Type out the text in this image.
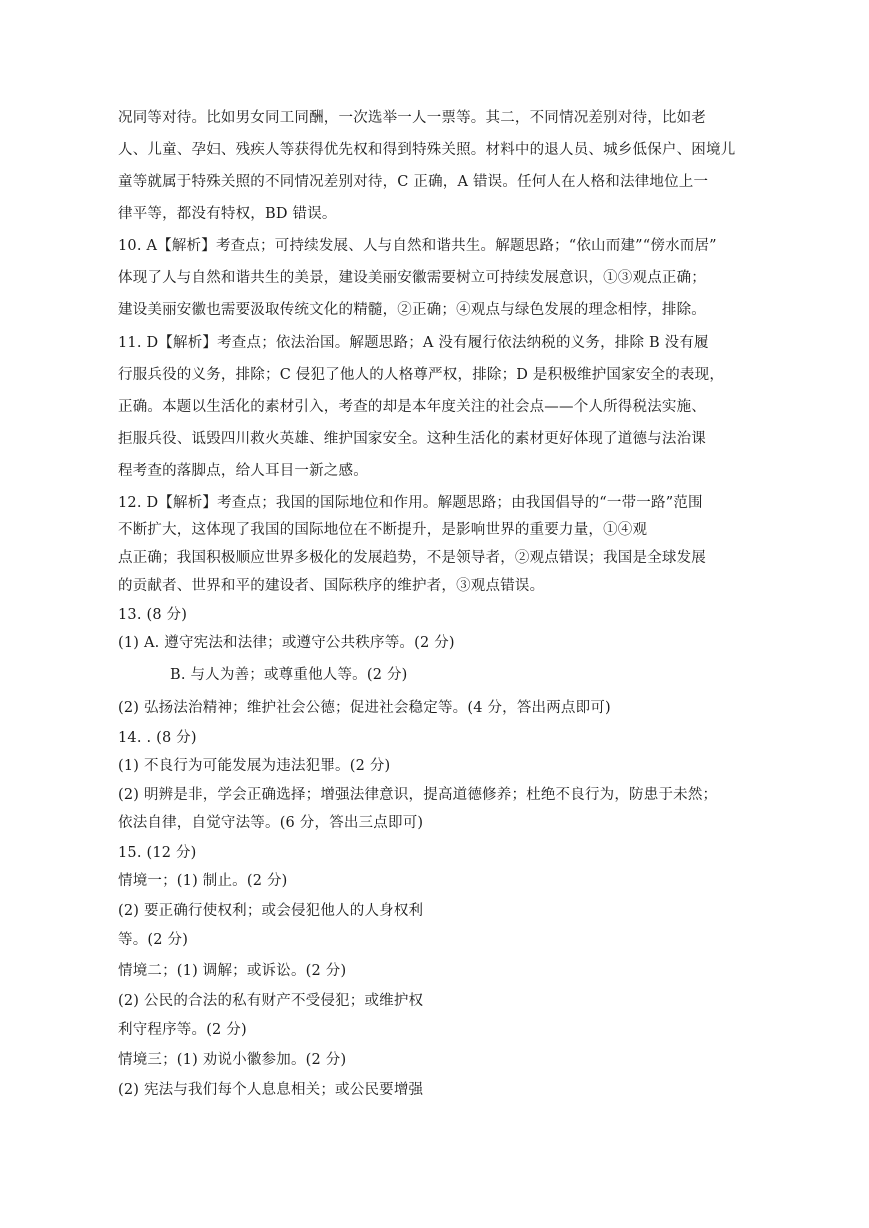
况同等对待。比如男女同工同酬，一次选举一人一票等。其二，不同情况差别对待，比如老
人、儿童、孕妇、残疾人等获得优先权和得到特殊关照。材料中的退人员、城乡低保户、困境儿
童等就属于特殊关照的不同情况差别对待，C 正确，A 错误。任何人在人格和法律地位上一
律平等，都没有特权，BD 错误。
10. A【解析】考查点；可持续发展、人与自然和谐共生。解题思路；“依山而建”“傍水而居”
体现了人与自然和谐共生的美景，建设美丽安徽需要树立可持续发展意识，①③观点正确；
建设美丽安徽也需要汲取传统文化的精髓，②正确；④观点与绿色发展的理念相悖，排除。
11. D【解析】考查点；依法治国。解题思路；A 没有履行依法纳税的义务，排除 B 没有履
行服兵役的义务，排除；C 侵犯了他人的人格尊严权，排除；D 是积极维护国家安全的表现，
正确。本题以生活化的素材引入，考查的却是本年度关注的社会点——个人所得税法实施、
拒服兵役、诋毁四川救火英雄、维护国家安全。这种生活化的素材更好体现了道德与法治课
程考查的落脚点，给人耳目一新之感。
12. D【解析】考查点；我国的国际地位和作用。解题思路；由我国倡导的“一带一路”范围
不断扩大，这体现了我国的国际地位在不断提升，是影响世界的重要力量，①④观
点正确；我国积极顺应世界多极化的发展趋势，不是领导者，②观点错误；我国是全球发展
的贡献者、世界和平的建设者、国际秩序的维护者，③观点错误。
13. (8 分)
(1) A. 遵守宪法和法律；或遵守公共秩序等。(2 分)
B. 与人为善；或尊重他人等。(2 分)
(2) 弘扬法治精神；维护社会公德；促进社会稳定等。(4 分，答出两点即可)
14. . (8 分)
(1) 不良行为可能发展为违法犯罪。(2 分)
(2) 明辨是非，学会正确选择；增强法律意识，提高道德修养；杜绝不良行为，防患于未然；
依法自律，自觉守法等。(6 分，答出三点即可)
15. (12 分)
情境一；(1) 制止。(2 分)
(2) 要正确行使权利；或会侵犯他人的人身权利
等。(2 分)
情境二；(1) 调解；或诉讼。(2 分)
(2) 公民的合法的私有财产不受侵犯；或维护权
利守程序等。(2 分)
情境三；(1) 劝说小徽参加。(2 分)
(2) 宪法与我们每个人息息相关；或公民要增强
